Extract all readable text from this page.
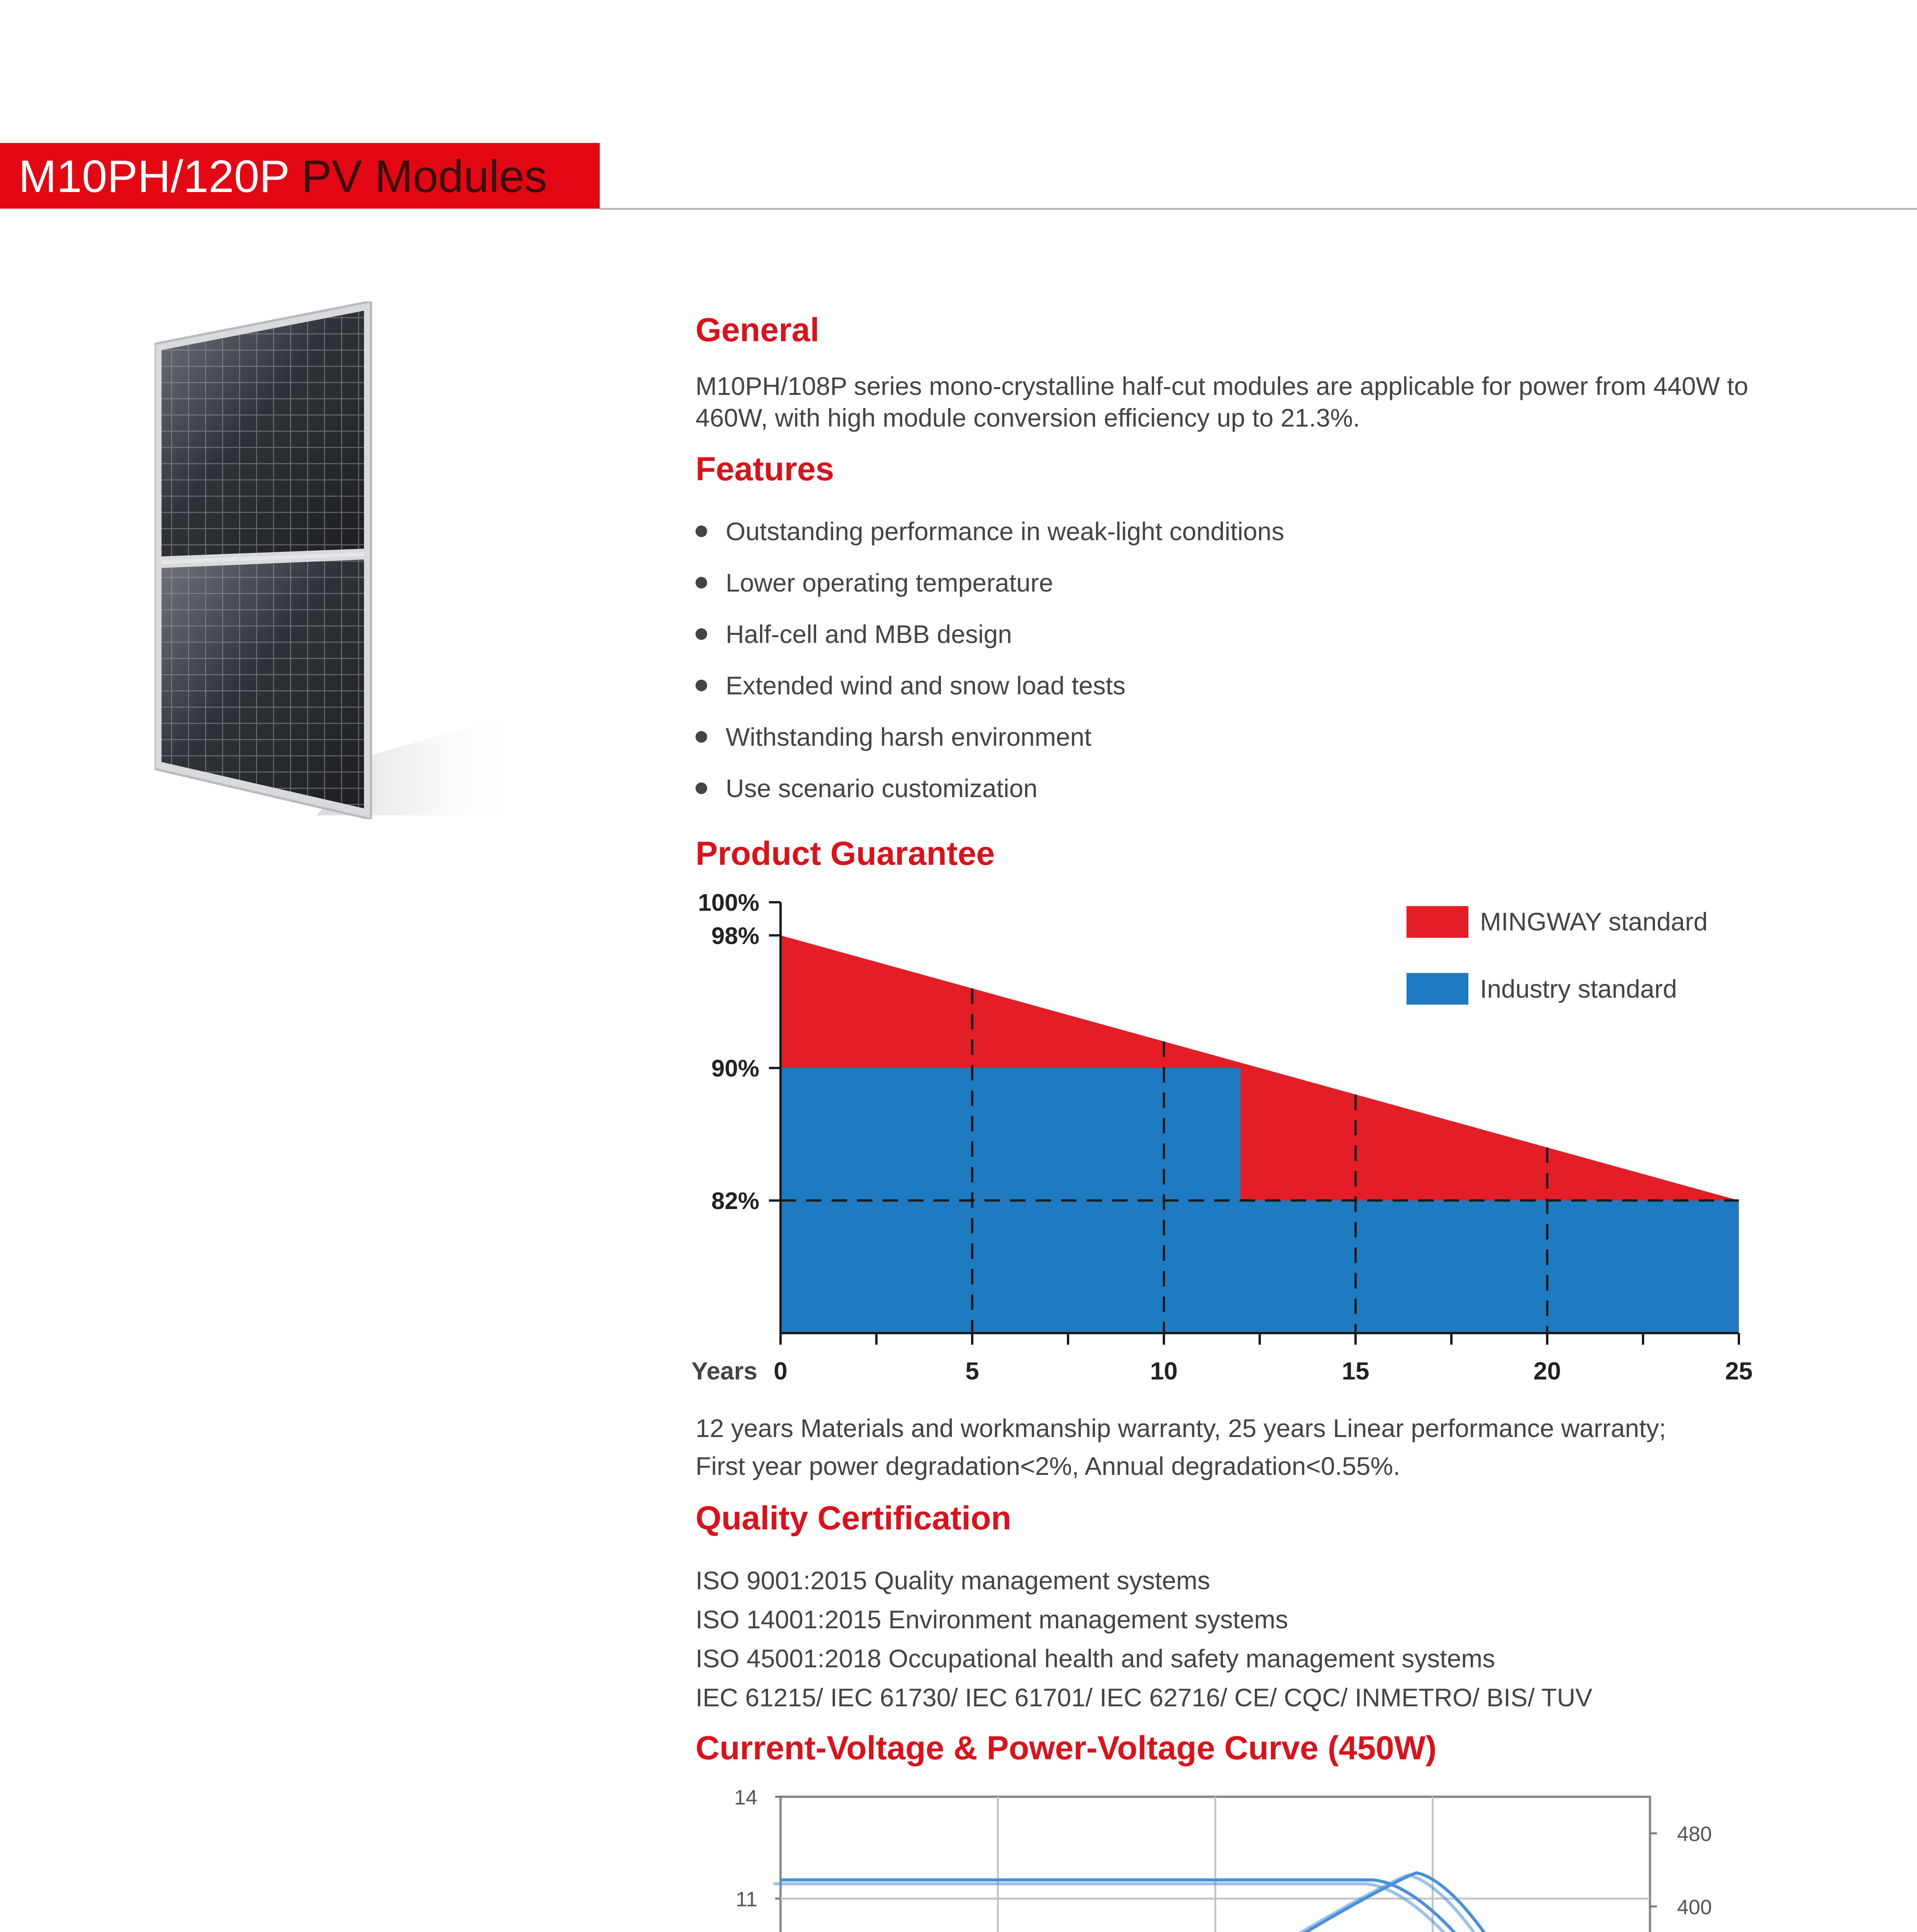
M10PH/120P PV Modules
General
M10PH/108P series mono-crystalline half-cut modules are applicable for power from 440W to 460W, with high module conversion efficiency up to 21.3%.
Features
Outstanding performance in weak-light conditions
Lower operating temperature
Half-cell and MBB design
Extended wind and snow load tests
Withstanding harsh environment
Use scenario customization
Product Guarantee
100%
98%
90%
82%
0	5	10	15	20	25
Years
MINGWAY standard
Industry standard
12 years Materials and workmanship warranty, 25 years Linear performance warranty;
First year power degradation<2%, Annual degradation<0.55%.
Quality Certification
ISO 9001:2015 Quality management systems
ISO 14001:2015 Environment management systems
ISO 45001:2018 Occupational health and safety management systems
IEC 61215/ IEC 61730/ IEC 61701/ IEC 62716/ CE/ CQC/ INMETRO/ BIS/ TUV
Current-Voltage & Power-Voltage Curve (450W)
11
14
400
480
